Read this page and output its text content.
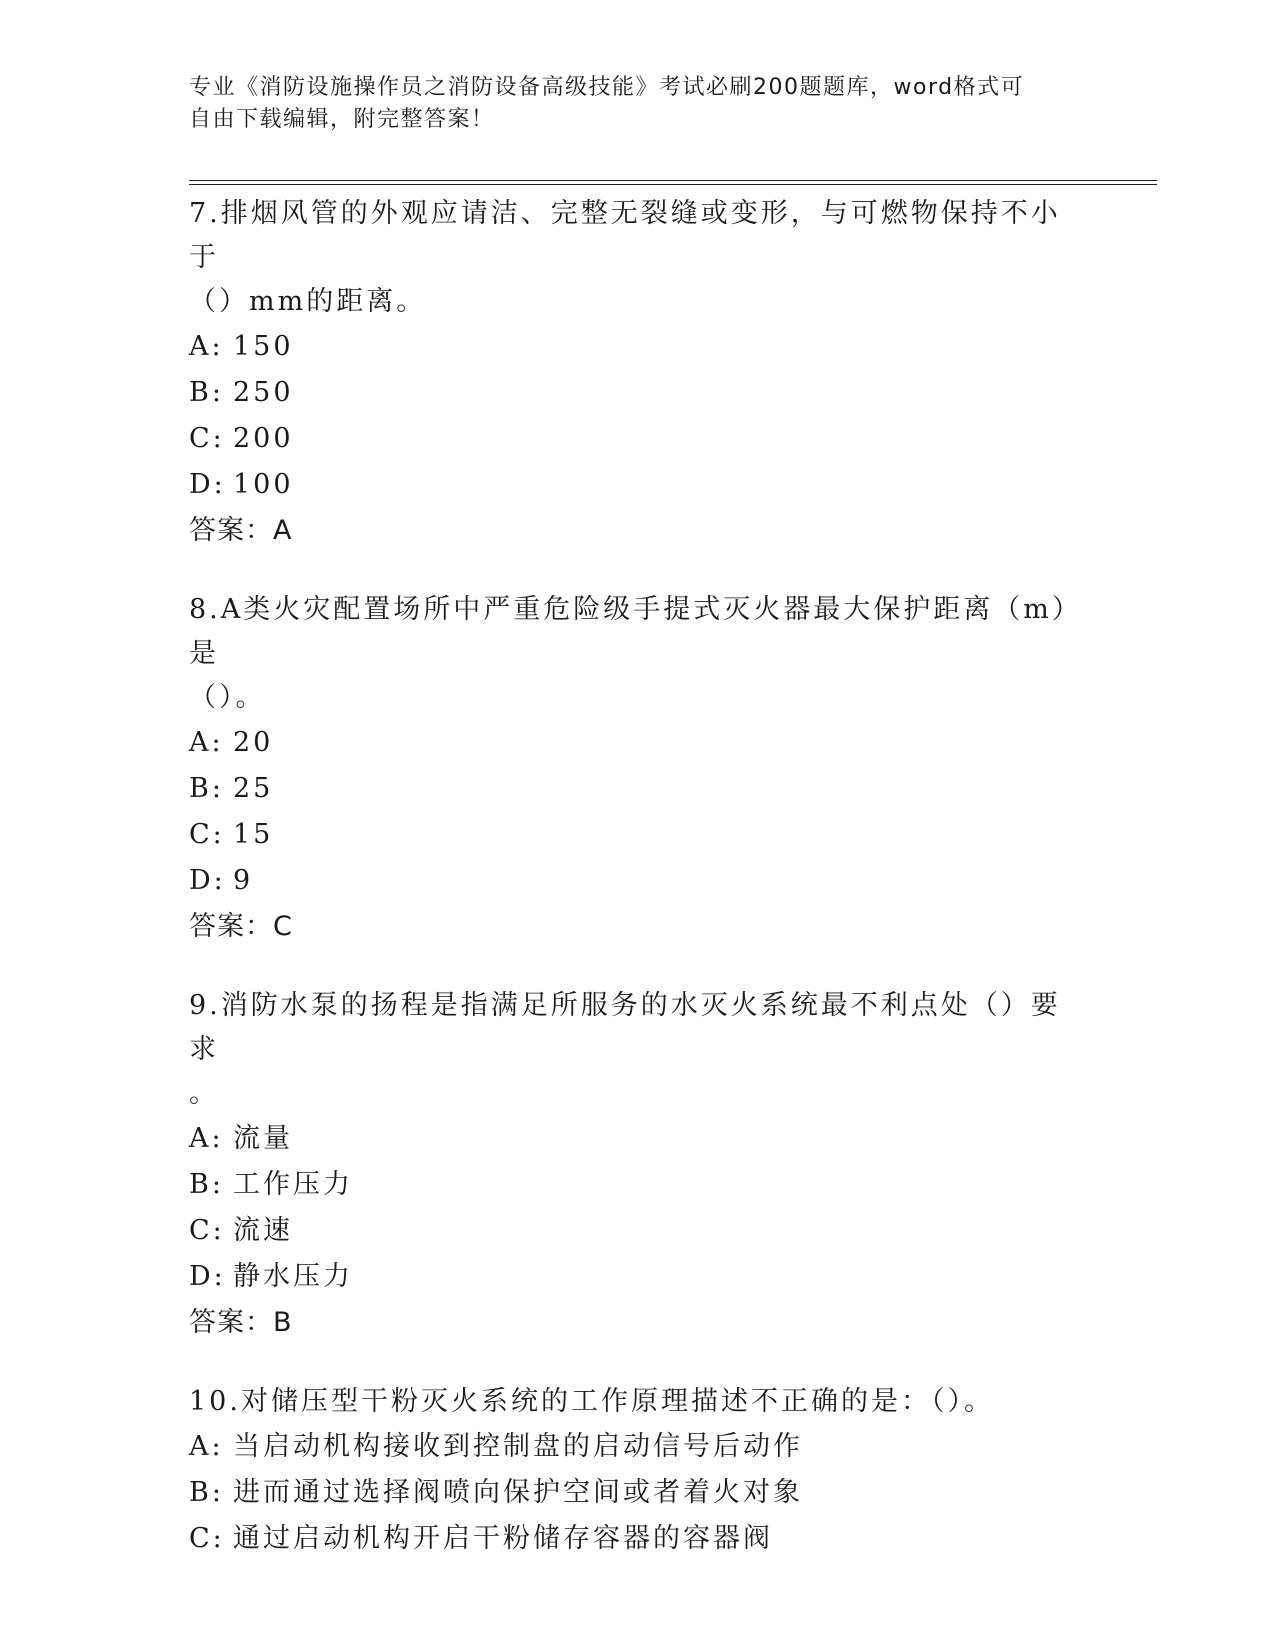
专业《消防设施操作员之消防设备高级技能》考试必刷200题题库，word格式可
自由下载编辑，附完整答案！

7.排烟风管的外观应请洁、完整无裂缝或变形，与可燃物保持不小于

（）mm的距离。

A: 150

B: 250

C: 200

D: 100

答案：A

8.A类火灾配置场所中严重危险级手提式灭火器最大保护距离（m）是

（）。

A: 20

B: 25

C: 15

D: 9

答案：C

9.消防水泵的扬程是指满足所服务的水灭火系统最不利点处（）要求

。

A: 流量

B: 工作压力

C: 流速

D: 静水压力

答案：B

10.对储压型干粉灭火系统的工作原理描述不正确的是：（）。

A: 当启动机构接收到控制盘的启动信号后动作

B: 进而通过选择阀喷向保护空间或者着火对象

C: 通过启动机构开启干粉储存容器的容器阀
